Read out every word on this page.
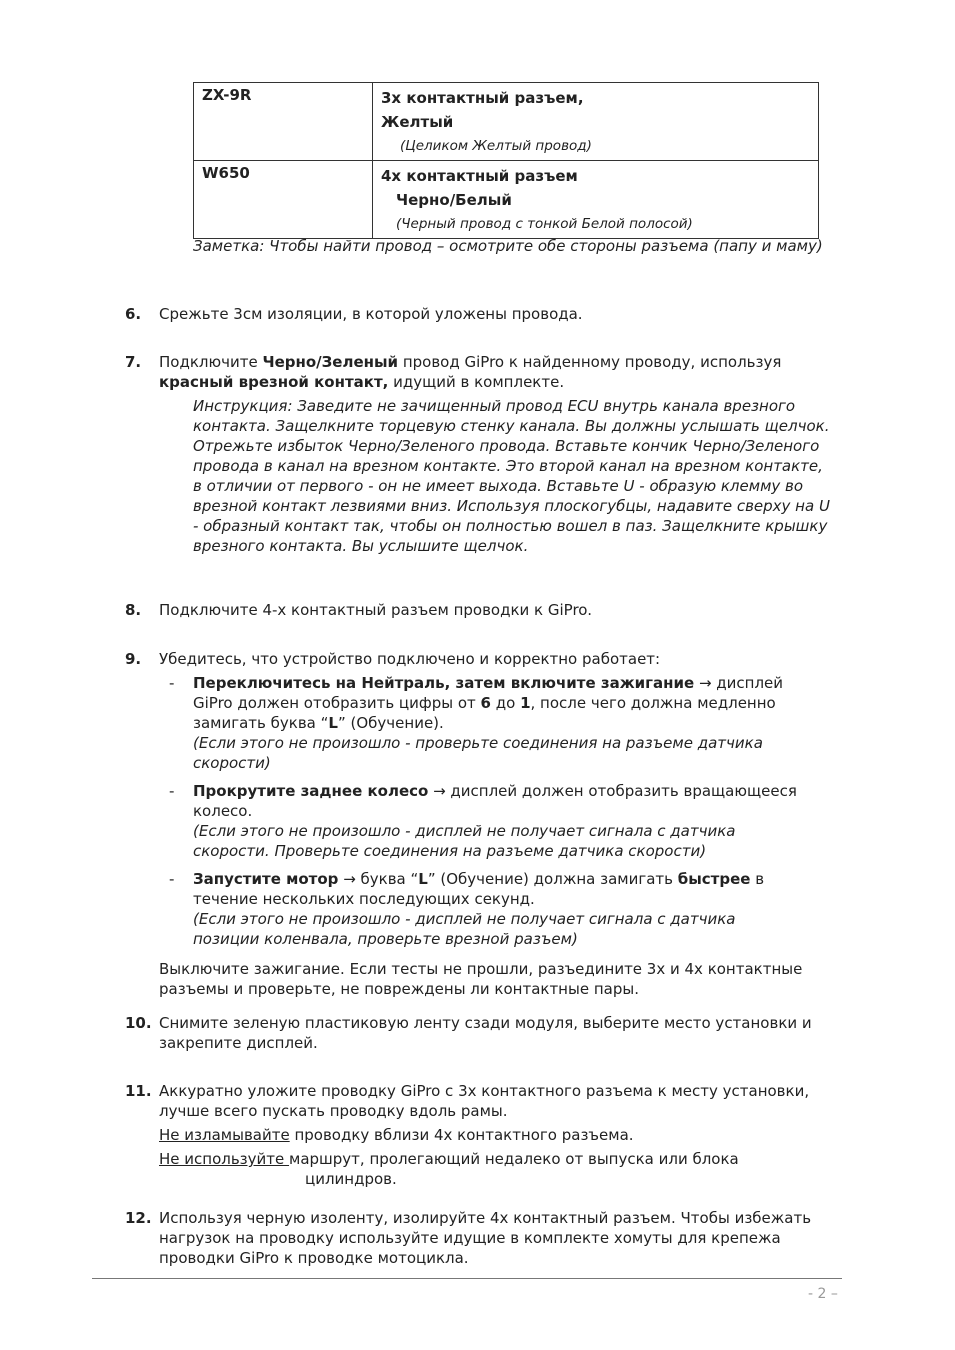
ZX-9R	3х контактный разъем,
Желтый
(Целиком Желтый провод)

W650	4х контактный разъем
Черно/Белый
(Черный провод с тонкой Белой полосой)
Заметка: Чтобы найти провод – осмотрите обе стороны разъема (папу и маму)
6. Срежьте 3см изоляции, в которой уложены провода.
7. Подключите Черно/Зеленый провод GiPro к найденному проводу, используя красный врезной контакт, идущий в комплекте.
Инструкция: Заведите не зачищенный провод ECU внутрь канала врезного контакта. Защелкните торцевую стенку канала. Вы должны услышать щелчок. Отрежьте избыток Черно/Зеленого провода. Вставьте кончик Черно/Зеленого провода в канал на врезном контакте. Это второй канал на врезном контакте, в отличии от первого - он не имеет выхода. Вставьте U - образую клемму во врезной контакт лезвиями вниз. Используя плоскогубцы, надавите сверху на U - образный контакт так, чтобы он полностью вошел в паз. Защелкните крышку врезного контакта. Вы услышите щелчок.
8. Подключите 4-х контактный разъем проводки к GiPro.
9. Убедитесь, что устройство подключено и корректно работает:
- Переключитесь на Нейтраль, затем включите зажигание → дисплей GiPro должен отобразить цифры от 6 до 1, после чего должна медленно замигать буква “L” (Обучение).
(Если этого не произошло - проверьте соединения на разъеме датчика скорости)
- Прокрутите заднее колесо → дисплей должен отобразить вращающееся колесо.
(Если этого не произошло - дисплей не получает сигнала с датчика скорости. Проверьте соединения на разъеме датчика скорости)
- Запустите мотор → буква “L” (Обучение) должна замигать быстрее в течение нескольких последующих секунд.
(Если этого не произошло - дисплей не получает сигнала с датчика позиции коленвала, проверьте врезной разъем)
Выключите зажигание. Если тесты не прошли, разъедините 3х и 4х контактные разъемы и проверьте, не повреждены ли контактные пары.
10. Снимите зеленую пластиковую ленту сзади модуля, выберите место установки и закрепите дисплей.
11. Аккуратно уложите проводку GiPro с 3х контактного разъема к месту установки, лучше всего пускать проводку вдоль рамы.
Не изламывайте проводку вблизи 4х контактного разъема.
Не используйте маршрут, пролегающий недалеко от выпуска или блока
цилиндров.
12. Используя черную изоленту, изолируйте 4х контактный разъем. Чтобы избежать нагрузок на проводку используйте идущие в комплекте хомуты для крепежа проводки GiPro к проводке мотоцикла.
- 2 –
